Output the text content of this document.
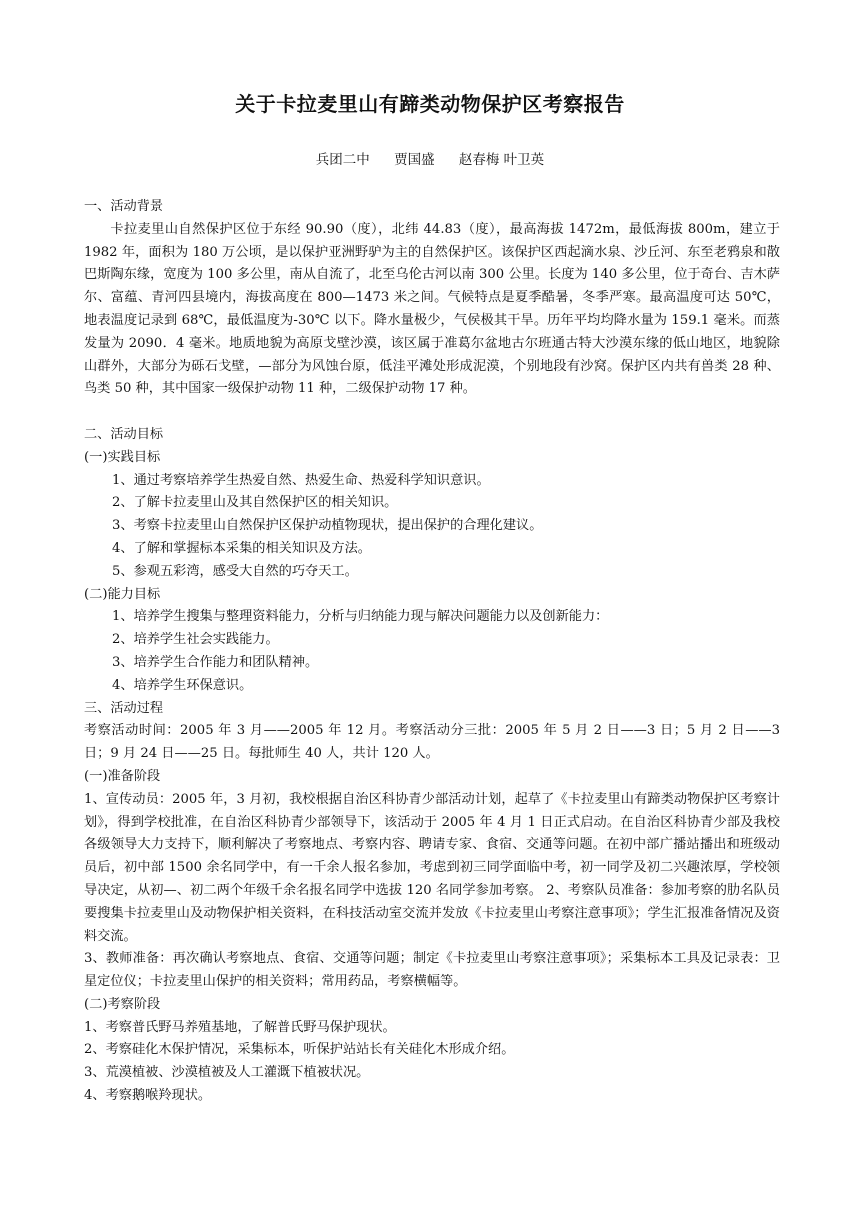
关于卡拉麦里山有蹄类动物保护区考察报告
兵团二中 贾国盛 赵春梅 叶卫英
一、活动背景
卡拉麦里山自然保护区位于东经 90.90（度），北纬 44.83（度），最高海拔 1472m，最低海拔 800m，建立于 1982 年，面积为 180 万公顷，是以保护亚洲野驴为主的自然保护区。该保护区西起滴水泉、沙丘河、东至老鸦泉和散巴斯陶东缘，宽度为 100 多公里，南从自流了，北至乌伦古河以南 300 公里。长度为 140 多公里，位于奇台、吉木萨尔、富蕴、青河四县境内，海拔高度在 800—1473 米之间。气候特点是夏季酷暑，冬季严寒。最高温度可达 50℃，地表温度记录到 68℃，最低温度为-30℃ 以下。降水量极少，气侯极其干旱。历年平均均降水量为 159.1 毫米。而蒸发量为 2090．4 毫米。地质地貌为高原戈壁沙漠，该区属于准葛尔盆地古尔班通古特大沙漠东缘的低山地区，地貌除山群外，大部分为砾石戈壁，—部分为风蚀台原，低洼平滩处形成泥漠，个别地段有沙窝。保护区内共有兽类 28 种、鸟类 50 种，其中国家一级保护动物 11 种，二级保护动物 17 种。
二、活动目标
(一)实践目标
1、通过考察培养学生热爱自然、热爱生命、热爱科学知识意识。
2、了解卡拉麦里山及其自然保护区的相关知识。
3、考察卡拉麦里山自然保护区保护动植物现状，提出保护的合理化建议。
4、了解和掌握标本采集的相关知识及方法。
5、参观五彩湾，感受大自然的巧夺天工。
(二)能力目标
1、培养学生搜集与整理资料能力，分析与归纳能力现与解决问题能力以及创新能力：
2、培养学生社会实践能力。
3、培养学生合作能力和团队精神。
4、培养学生环保意识。
三、活动过程
考察活动时间：2005 年 3 月——2005 年 12 月。考察活动分三批：2005 年 5 月 2 日——3 日；5 月 2 日——3 日；9 月 24 日——25 日。每批师生 40 人，共计 120 人。
(一)准备阶段
1、宣传动员：2005 年，3 月初，我校根据自治区科协青少部活动计划，起草了《卡拉麦里山有蹄类动物保护区考察计划》，得到学校批准，在自治区科协青少部领导下，该活动于 2005 年 4 月 1 日正式启动。在自治区科协青少部及我校各级领导大力支持下，顺利解决了考察地点、考察内容、聘请专家、食宿、交通等问题。在初中部广播站播出和班级动员后，初中部 1500 余名同学中，有一千余人报名参加，考虑到初三同学面临中考，初一同学及初二兴趣浓厚，学校领导决定，从初—、初二两个年级千余名报名同学中选拔 120 名同学参加考察。 2、考察队员准备：参加考察的肋名队员要搜集卡拉麦里山及动物保护相关资料，在科技活动室交流并发放《卡拉麦里山考察注意事项》；学生汇报准备情况及资料交流。
3、教师准备：再次确认考察地点、食宿、交通等问题；制定《卡拉麦里山考察注意事项》；采集标本工具及记录表：卫星定位仪；卡拉麦里山保护的相关资料；常用药品，考察横幅等。
(二)考察阶段
1、考察普氏野马养殖基地，了解普氏野马保护现状。
2、考察硅化木保护情况，采集标本，听保护站站长有关硅化木形成介绍。
3、荒漠植被、沙漠植被及人工灌溉下植被状况。
4、考察鹅喉羚现状。
